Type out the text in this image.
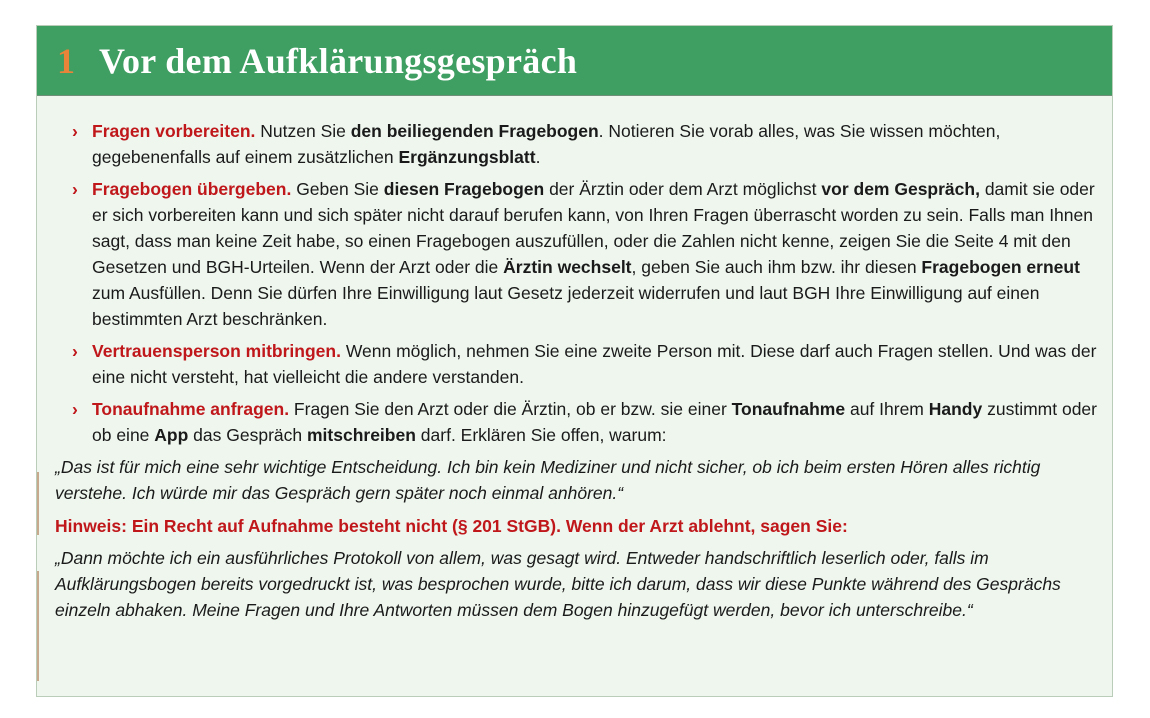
1 Vor dem Aufklärungsgespräch
› Fragen vorbereiten. Nutzen Sie den beiliegenden Fragebogen. Notieren Sie vorab alles, was Sie wissen möchten, gegebenenfalls auf einem zusätzlichen Ergänzungsblatt.
› Fragebogen übergeben. Geben Sie diesen Fragebogen der Ärztin oder dem Arzt möglichst vor dem Gespräch, damit sie oder er sich vorbereiten kann und sich später nicht darauf berufen kann, von Ihren Fragen überrascht worden zu sein. Falls man Ihnen sagt, dass man keine Zeit habe, so einen Fragebogen auszufüllen, oder die Zahlen nicht kenne, zeigen Sie die Seite 4 mit den Gesetzen und BGH-Urteilen. Wenn der Arzt oder die Ärztin wechselt, geben Sie auch ihm bzw. ihr diesen Fragebogen erneut zum Ausfüllen. Denn Sie dürfen Ihre Einwilligung laut Gesetz jederzeit widerrufen und laut BGH Ihre Einwilligung auf einen bestimmten Arzt beschränken.
› Vertrauensperson mitbringen. Wenn möglich, nehmen Sie eine zweite Person mit. Diese darf auch Fragen stellen. Und was der eine nicht versteht, hat vielleicht die andere verstanden.
› Tonaufnahme anfragen. Fragen Sie den Arzt oder die Ärztin, ob er bzw. sie einer Tonaufnahme auf Ihrem Handy zustimmt oder ob eine App das Gespräch mitschreiben darf. Erklären Sie offen, warum:

„Das ist für mich eine sehr wichtige Entscheidung. Ich bin kein Mediziner und nicht sicher, ob ich beim ersten Hören alles richtig verstehe. Ich würde mir das Gespräch gern später noch einmal anhören.“

Hinweis: Ein Recht auf Aufnahme besteht nicht (§ 201 StGB). Wenn der Arzt ablehnt, sagen Sie:

„Dann möchte ich ein ausführliches Protokoll von allem, was gesagt wird. Entweder handschriftlich leserlich oder, falls im Aufklärungsbogen bereits vorgedruckt ist, was besprochen wurde, bitte ich darum, dass wir diese Punkte während des Gesprächs einzeln abhaken. Meine Fragen und Ihre Antworten müssen dem Bogen hinzugefügt werden, bevor ich unterschreibe.“
